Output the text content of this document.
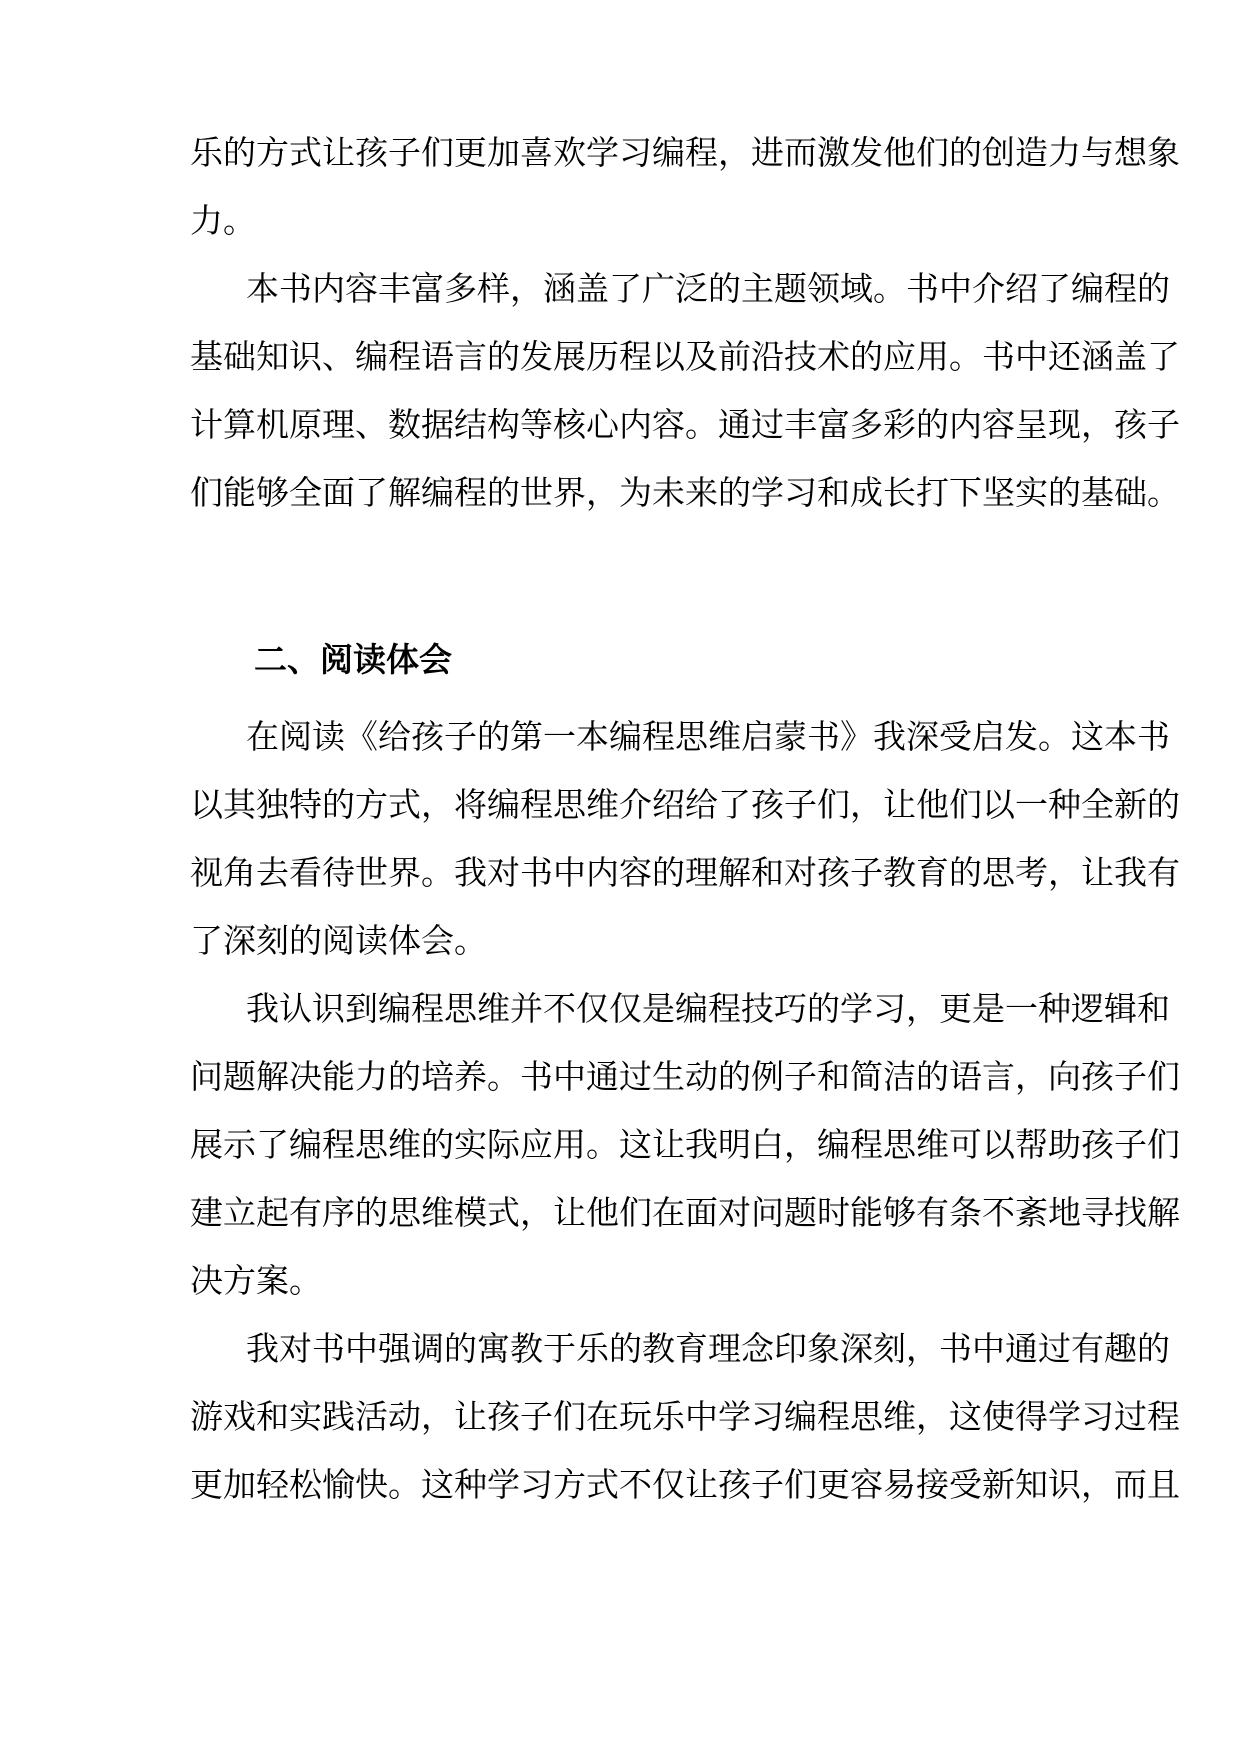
乐的方式让孩子们更加喜欢学习编程，进而激发他们的创造力与想象
力。
本书内容丰富多样，涵盖了广泛的主题领域。书中介绍了编程的
基础知识、编程语言的发展历程以及前沿技术的应用。书中还涵盖了
计算机原理、数据结构等核心内容。通过丰富多彩的内容呈现，孩子
们能够全面了解编程的世界，为未来的学习和成长打下坚实的基础。
二、阅读体会
在阅读《给孩子的第一本编程思维启蒙书》我深受启发。这本书
以其独特的方式，将编程思维介绍给了孩子们，让他们以一种全新的
视角去看待世界。我对书中内容的理解和对孩子教育的思考，让我有
了深刻的阅读体会。
我认识到编程思维并不仅仅是编程技巧的学习，更是一种逻辑和
问题解决能力的培养。书中通过生动的例子和简洁的语言，向孩子们
展示了编程思维的实际应用。这让我明白，编程思维可以帮助孩子们
建立起有序的思维模式，让他们在面对问题时能够有条不紊地寻找解
决方案。
我对书中强调的寓教于乐的教育理念印象深刻，书中通过有趣的
游戏和实践活动，让孩子们在玩乐中学习编程思维，这使得学习过程
更加轻松愉快。这种学习方式不仅让孩子们更容易接受新知识，而且
